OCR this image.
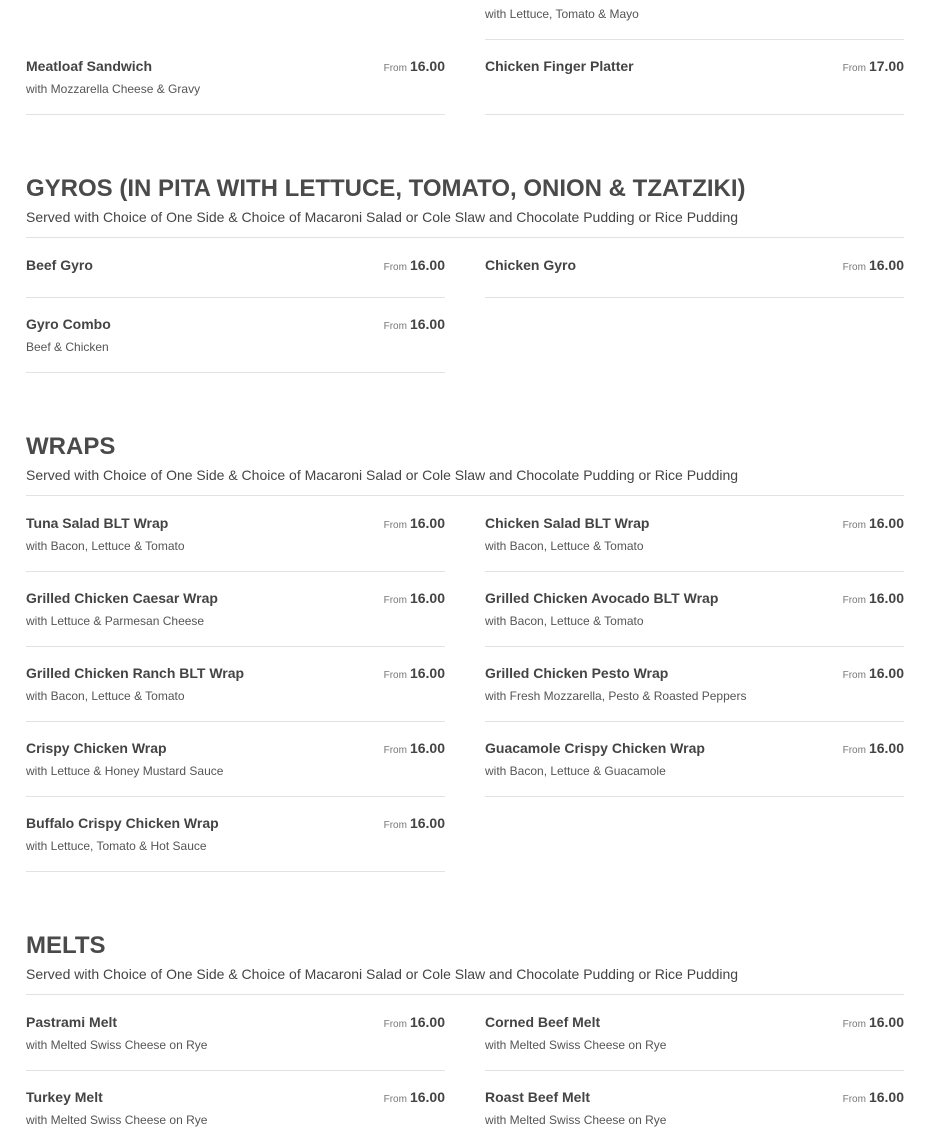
with Lettuce, Tomato & Mayo
Meatloaf Sandwich
with Mozzarella Cheese & Gravy
From 16.00	Chicken Finger Platter	From 17.00
GYROS (IN PITA WITH LETTUCE, TOMATO, ONION & TZATZIKI)
Served with Choice of One Side & Choice of Macaroni Salad or Cole Slaw and Chocolate Pudding or Rice Pudding
Beef Gyro	From 16.00	Chicken Gyro	From 16.00
Gyro Combo
Beef & Chicken
From 16.00
WRAPS
Served with Choice of One Side & Choice of Macaroni Salad or Cole Slaw and Chocolate Pudding or Rice Pudding
Tuna Salad BLT Wrap
with Bacon, Lettuce & Tomato
From 16.00	Chicken Salad BLT Wrap
with Bacon, Lettuce & Tomato
From 16.00
Grilled Chicken Caesar Wrap
with Lettuce & Parmesan Cheese
From 16.00	Grilled Chicken Avocado BLT Wrap
with Bacon, Lettuce & Tomato
From 16.00
Grilled Chicken Ranch BLT Wrap
with Bacon, Lettuce & Tomato
From 16.00	Grilled Chicken Pesto Wrap
with Fresh Mozzarella, Pesto & Roasted Peppers
From 16.00
Crispy Chicken Wrap
with Lettuce & Honey Mustard Sauce
From 16.00	Guacamole Crispy Chicken Wrap
with Bacon, Lettuce & Guacamole
From 16.00
Buffalo Crispy Chicken Wrap
with Lettuce, Tomato & Hot Sauce
From 16.00
MELTS
Served with Choice of One Side & Choice of Macaroni Salad or Cole Slaw and Chocolate Pudding or Rice Pudding
Pastrami Melt
with Melted Swiss Cheese on Rye
From 16.00	Corned Beef Melt
with Melted Swiss Cheese on Rye
From 16.00
Turkey Melt
with Melted Swiss Cheese on Rye
From 16.00	Roast Beef Melt
with Melted Swiss Cheese on Rye
From 16.00
